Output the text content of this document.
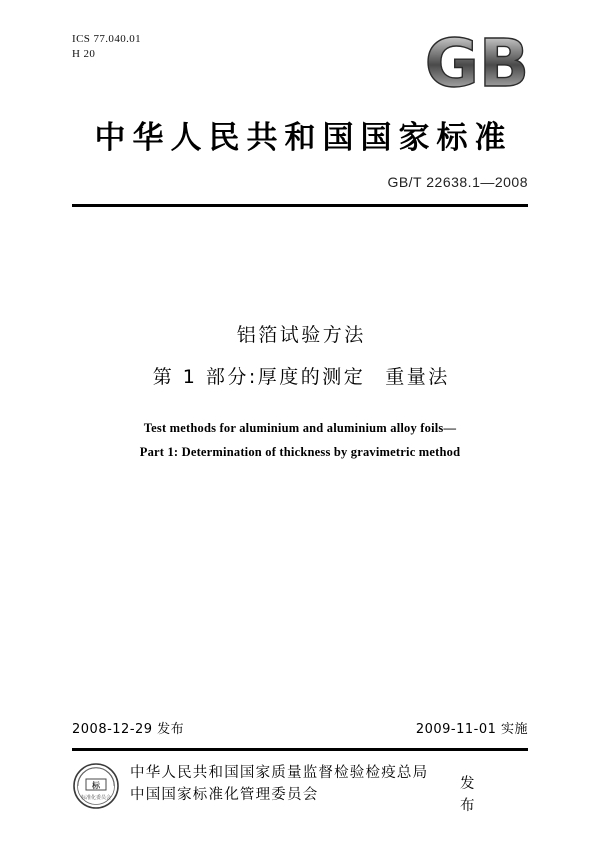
ICS 77.040.01
H 20	GB
中华人民共和国国家标准
GB/T 22638.1—2008
铝箔试验方法
第 1 部分:厚度的测定 重量法
Test methods for aluminium and aluminium alloy foils—
Part 1: Determination of thickness by gravimetric method
2008-12-29 发布	2009-11-01 实施
标
标准化委员会
中华人民共和国国家质量监督检验检疫总局
中国国家标准化管理委员会
发 布
